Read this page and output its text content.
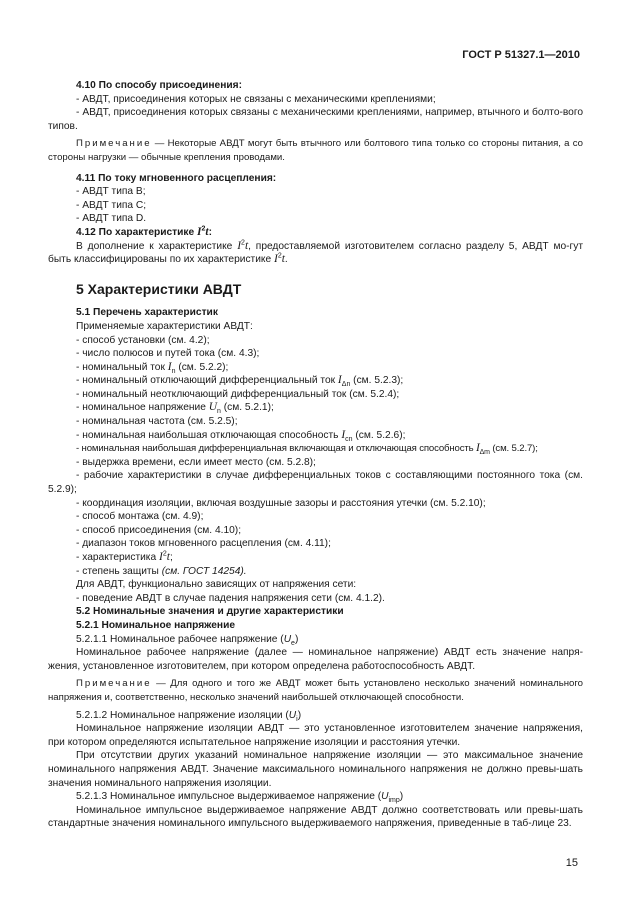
ГОСТ Р 51327.1—2010
4.10 По способу присоединения:
- АВДТ, присоединения которых не связаны с механическими креплениями;
- АВДТ, присоединения которых связаны с механическими креплениями, например, втычного и болто-вого типов.
Примечание — Некоторые АВДТ могут быть втычного или болтового типа только со стороны питания, а со стороны нагрузки — обычные крепления проводами.
4.11 По току мгновенного расцепления:
- АВДТ типа В;
- АВДТ типа С;
- АВДТ типа D.
4.12 По характеристике $I^2t$:
В дополнение к характеристике $I^2t$, предоставляемой изготовителем согласно разделу 5, АВДТ мо-гут быть классифицированы по их характеристике $I^2t$.
5 Характеристики АВДТ
5.1 Перечень характеристик
Применяемые характеристики АВДТ:
- способ установки (см. 4.2);
- число полюсов и путей тока (см. 4.3);
- номинальный ток $I_n$ (см. 5.2.2);
- номинальный отключающий дифференциальный ток $I_{\Delta n}$ (см. 5.2.3);
- номинальный неотключающий дифференциальный ток (см. 5.2.4);
- номинальное напряжение $U_n$ (см. 5.2.1);
- номинальная частота (см. 5.2.5);
- номинальная наибольшая отключающая способность $I_{cn}$ (см. 5.2.6);
- номинальная наибольшая дифференциальная включающая и отключающая способность $I_{\Delta m}$ (см. 5.2.7);
- выдержка времени, если имеет место (см. 5.2.8);
- рабочие характеристики в случае дифференциальных токов с составляющими постоянного тока (см. 5.2.9);
- координация изоляции, включая воздушные зазоры и расстояния утечки (см. 5.2.10);
- способ монтажа (см. 4.9);
- способ присоединения (см. 4.10);
- диапазон токов мгновенного расцепления (см. 4.11);
- характеристика $I^2t$;
- степень защиты (см. ГОСТ 14254).
Для АВДТ, функционально зависящих от напряжения сети:
- поведение АВДТ в случае падения напряжения сети (см. 4.1.2).
5.2 Номинальные значения и другие характеристики
5.2.1 Номинальное напряжение
5.2.1.1 Номинальное рабочее напряжение $(U_e)$
Номинальное рабочее напряжение (далее — номинальное напряжение) АВДТ есть значение напря-жения, установленное изготовителем, при котором определена работоспособность АВДТ.
Примечание — Для одного и того же АВДТ может быть установлено несколько значений номинального напряжения и, соответственно, несколько значений наибольшей отключающей способности.
5.2.1.2 Номинальное напряжение изоляции $(U_i)$
Номинальное напряжение изоляции АВДТ — это установленное изготовителем значение напряжения, при котором определяются испытательное напряжение изоляции и расстояния утечки.
При отсутствии других указаний номинальное напряжение изоляции — это максимальное значение номинального напряжения АВДТ. Значение максимального номинального напряжения не должно превы-шать значения номинального напряжения изоляции.
5.2.1.3 Номинальное импульсное выдерживаемое напряжение $(U_{imp})$
Номинальное импульсное выдерживаемое напряжение АВДТ должно соответствовать или превы-шать стандартные значения номинального импульсного выдерживаемого напряжения, приведенные в таб-лице 23.
15
